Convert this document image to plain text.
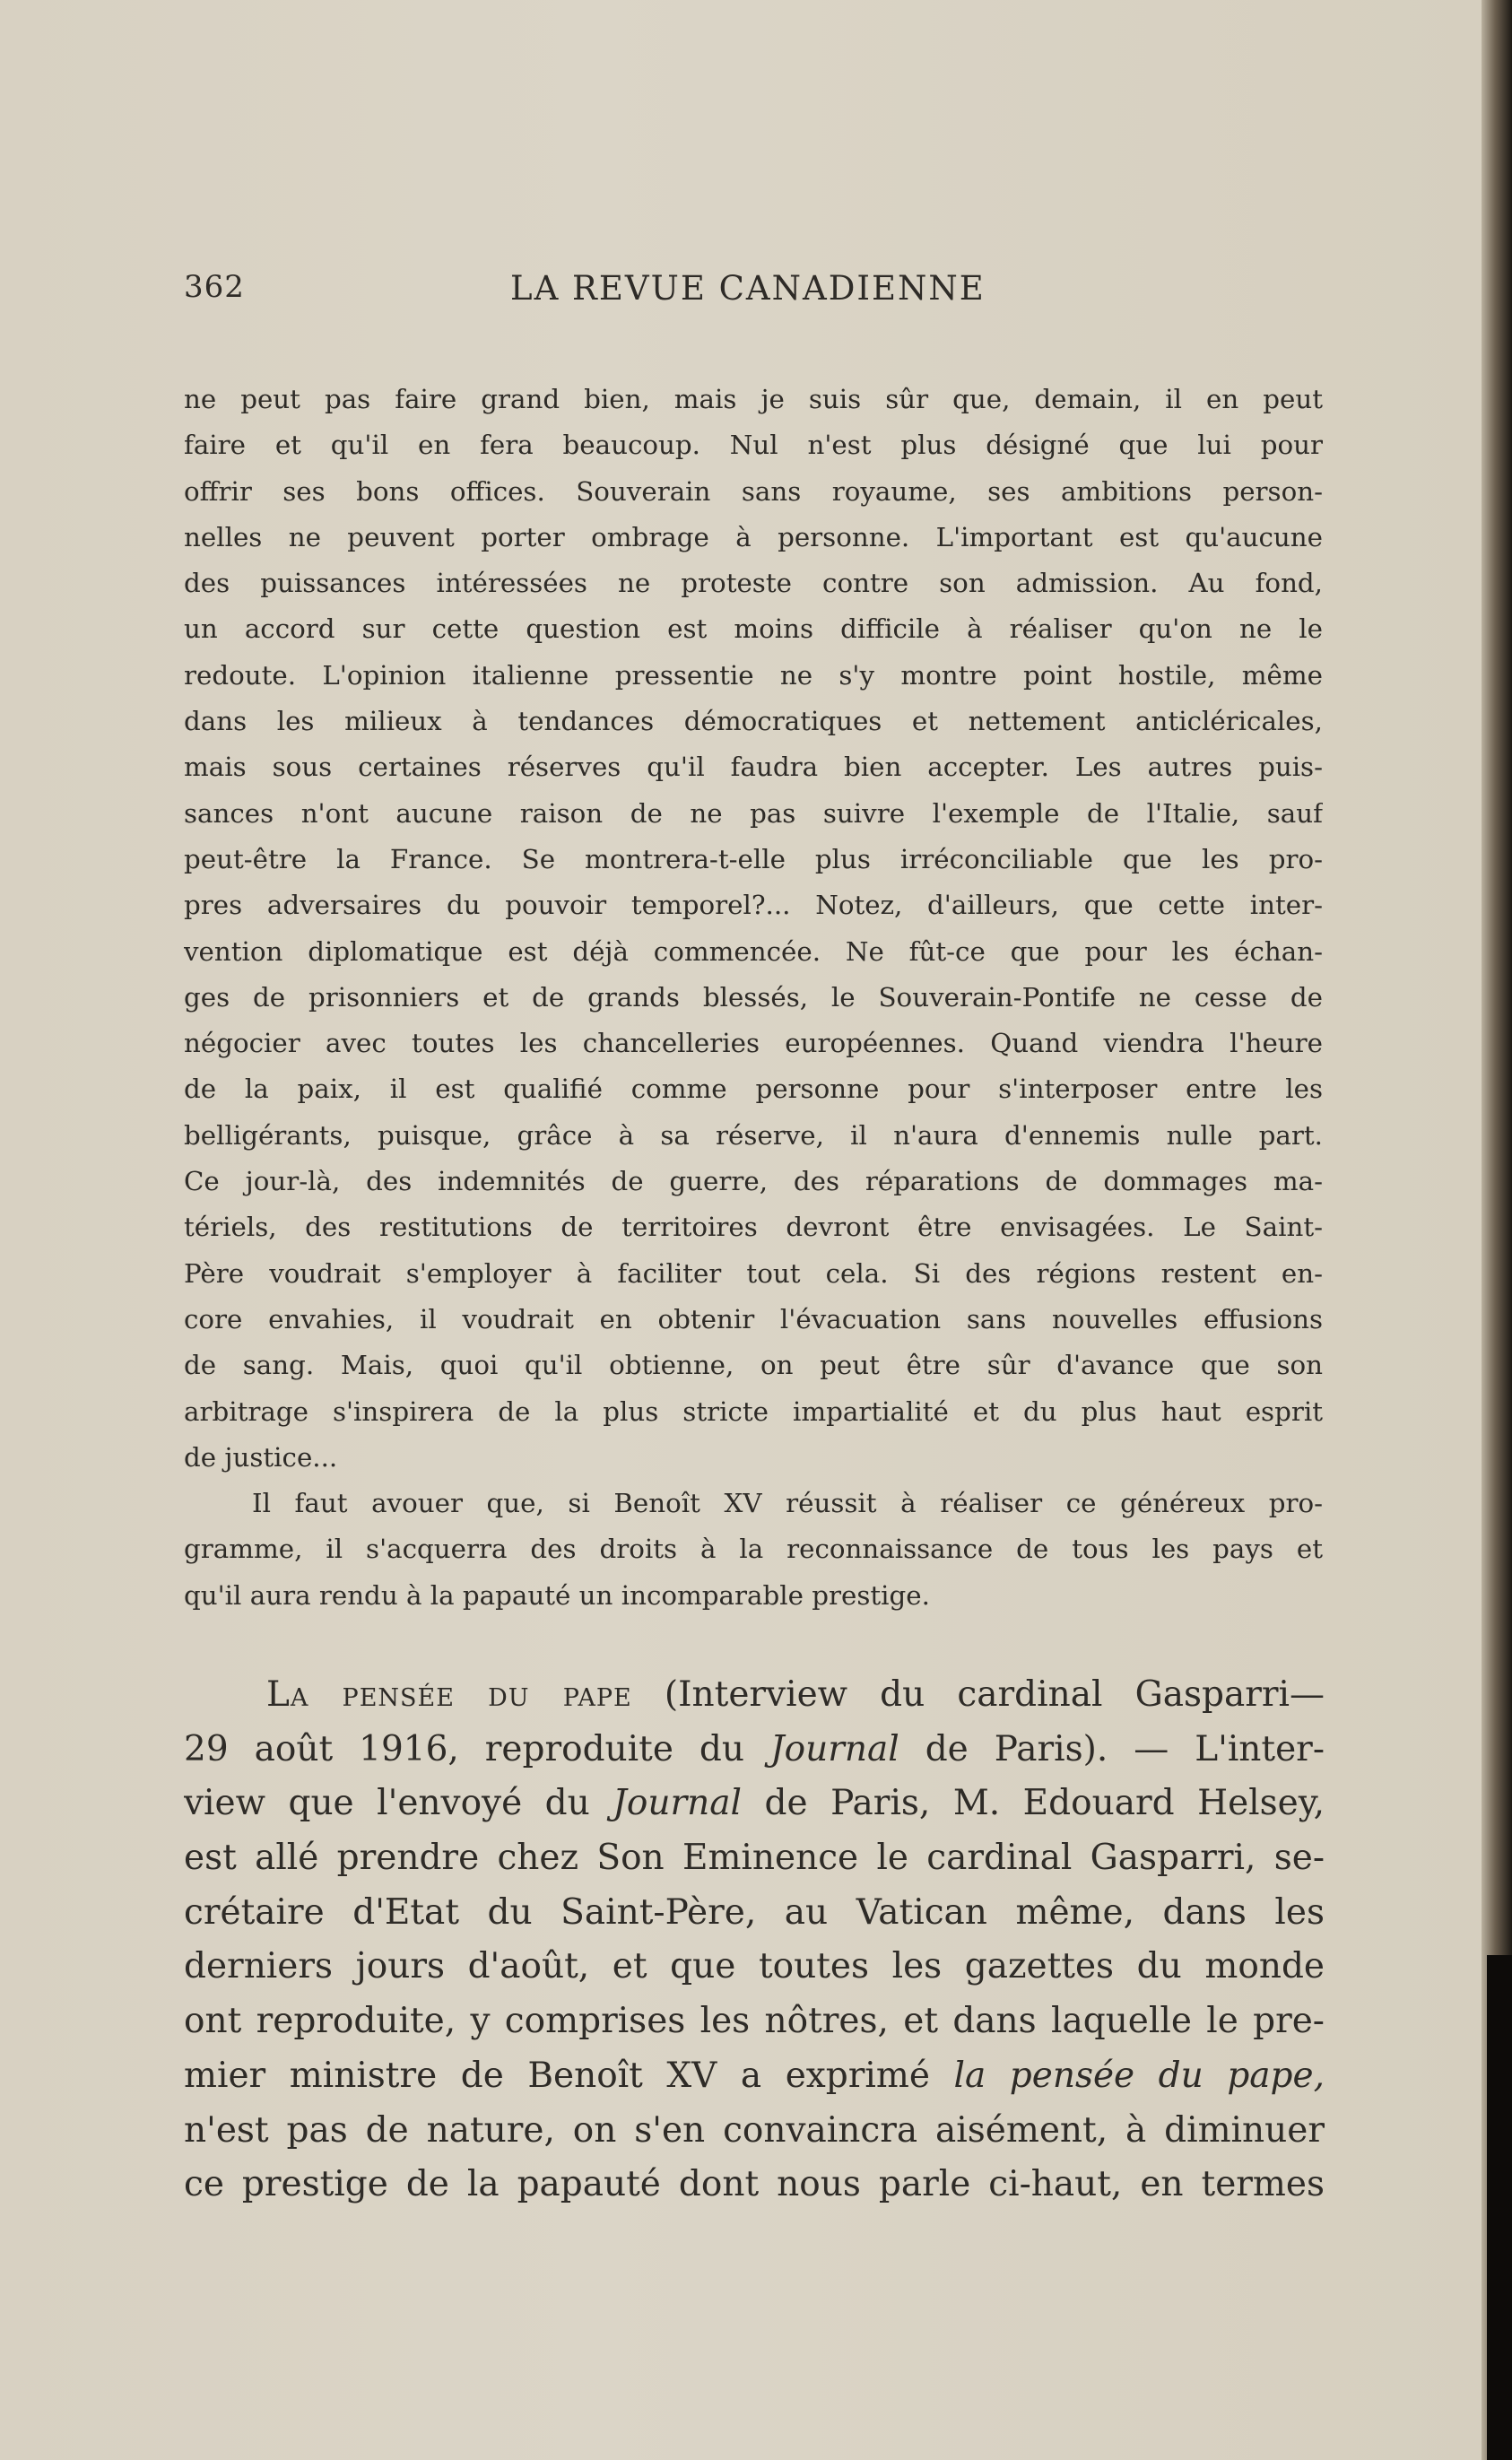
362	LA REVUE CANADIENNE
ne peut pas faire grand bien, mais je suis sûr que, demain, il en peut
faire et qu'il en fera beaucoup. Nul n'est plus désigné que lui pour
offrir ses bons offices. Souverain sans royaume, ses ambitions person-
nelles ne peuvent porter ombrage à personne. L'important est qu'aucune
des puissances intéressées ne proteste contre son admission. Au fond,
un accord sur cette question est moins difficile à réaliser qu'on ne le
redoute. L'opinion italienne pressentie ne s'y montre point hostile, même
dans les milieux à tendances démocratiques et nettement anticléricales,
mais sous certaines réserves qu'il faudra bien accepter. Les autres puis-
sances n'ont aucune raison de ne pas suivre l'exemple de l'Italie, sauf
peut-être la France. Se montrera-t-elle plus irréconciliable que les pro-
pres adversaires du pouvoir temporel?... Notez, d'ailleurs, que cette inter-
vention diplomatique est déjà commencée. Ne fût-ce que pour les échan-
ges de prisonniers et de grands blessés, le Souverain-Pontife ne cesse de
négocier avec toutes les chancelleries européennes. Quand viendra l'heure
de la paix, il est qualifié comme personne pour s'interposer entre les
belligérants, puisque, grâce à sa réserve, il n'aura d'ennemis nulle part.
Ce jour-là, des indemnités de guerre, des réparations de dommages ma-
tériels, des restitutions de territoires devront être envisagées. Le Saint-
Père voudrait s'employer à faciliter tout cela. Si des régions restent en-
core envahies, il voudrait en obtenir l'évacuation sans nouvelles effusions
de sang. Mais, quoi qu'il obtienne, on peut être sûr d'avance que son
arbitrage s'inspirera de la plus stricte impartialité et du plus haut esprit
de justice...
Il faut avouer que, si Benoît XV réussit à réaliser ce généreux pro-
gramme, il s'acquerra des droits à la reconnaissance de tous les pays et
qu'il aura rendu à la papauté un incomparable prestige.
La pensée du pape (Interview du cardinal Gasparri—
29 août 1916, reproduite du Journal de Paris). — L'inter-
view que l'envoyé du Journal de Paris, M. Edouard Helsey,
est allé prendre chez Son Eminence le cardinal Gasparri, se-
crétaire d'Etat du Saint-Père, au Vatican même, dans les
derniers jours d'août, et que toutes les gazettes du monde
ont reproduite, y comprises les nôtres, et dans laquelle le pre-
mier ministre de Benoît XV a exprimé la pensée du pape,
n'est pas de nature, on s'en convaincra aisément, à diminuer
ce prestige de la papauté dont nous parle ci-haut, en termes
